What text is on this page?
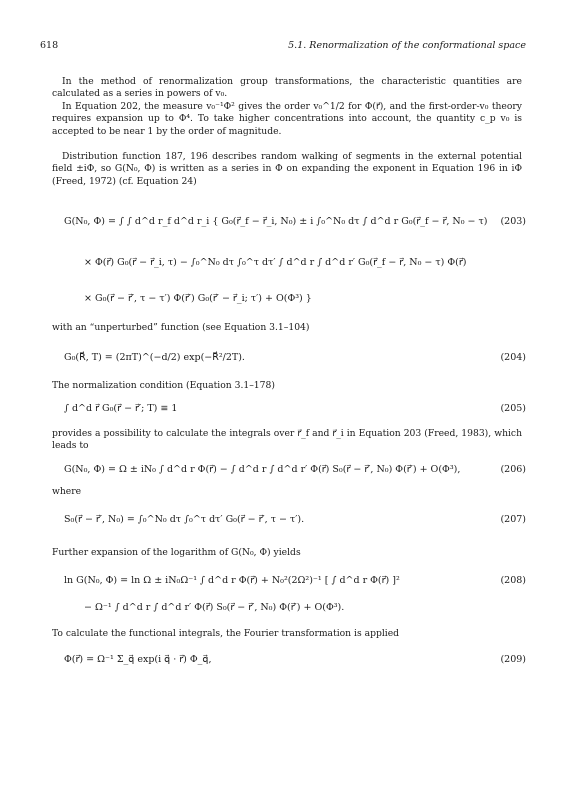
618	5.1. Renormalization of the conformational space
In the method of renormalization group transformations, the characteristic quantities are calculated as a series in powers of v₀.
In Equation 202, the measure v₀⁻¹Φ² gives the order v₀^1/2 for Φ(r⃗), and the first-order-v₀ theory requires expansion up to Φ⁴. To take higher concentrations into account, the quantity c_p v₀ is accepted to be near 1 by the order of magnitude.
Distribution function 187, 196 describes random walking of segments in the external potential field ±iΦ, so G(N₀, Φ) is written as a series in Φ on expanding the exponent in Equation 196 in iΦ (Freed, 1972) (cf. Equation 24)
G(N₀, Φ) = ∫ ∫ d^d r_f d^d r_i { G₀(r⃗_f − r⃗_i, N₀) ± i ∫₀^N₀ dτ ∫ d^d r G₀(r⃗_f − r⃗, N₀ − τ) (203)
× Φ(r⃗) G₀(r⃗ − r⃗_i, τ) − ∫₀^N₀ dτ ∫₀^τ dτ′ ∫ d^d r ∫ d^d r′ G₀(r⃗_f − r⃗, N₀ − τ) Φ(r⃗)
× G₀(r⃗ − r⃗′, τ − τ′) Φ(r⃗′) G₀(r⃗′ − r⃗_i; τ′) + O(Φ³) }
with an “unperturbed” function (see Equation 3.1–104)
G₀(R⃗, T) = (2πT)^(−d/2) exp(−R⃗²/2T).	(204)
The normalization condition (Equation 3.1–178)
∫ d^d r⃗ G₀(r⃗ − r⃗′; T) ≡ 1	(205)
provides a possibility to calculate the integrals over r⃗_f and r⃗_i in Equation 203 (Freed, 1983), which leads to
G(N₀, Φ) = Ω ± iN₀ ∫ d^d r Φ(r⃗) − ∫ d^d r ∫ d^d r′ Φ(r⃗) S₀(r⃗ − r⃗′, N₀) Φ(r⃗′) + O(Φ³),	(206)
where
S₀(r⃗ − r⃗′, N₀) = ∫₀^N₀ dτ ∫₀^τ dτ′ G₀(r⃗ − r⃗′, τ − τ′).	(207)
Further expansion of the logarithm of G(N₀, Φ) yields
ln G(N₀, Φ) = ln Ω ± iN₀Ω⁻¹ ∫ d^d r Φ(r⃗) + N₀²(2Ω²)⁻¹ [ ∫ d^d r Φ(r⃗) ]²	(208)
− Ω⁻¹ ∫ d^d r ∫ d^d r′ Φ(r⃗) S₀(r⃗ − r⃗′, N₀) Φ(r⃗′) + O(Φ³).
To calculate the functional integrals, the Fourier transformation is applied
Φ(r⃗) = Ω⁻¹ Σ_q⃗ exp(i q⃗ · r⃗) Φ_q⃗,	(209)
